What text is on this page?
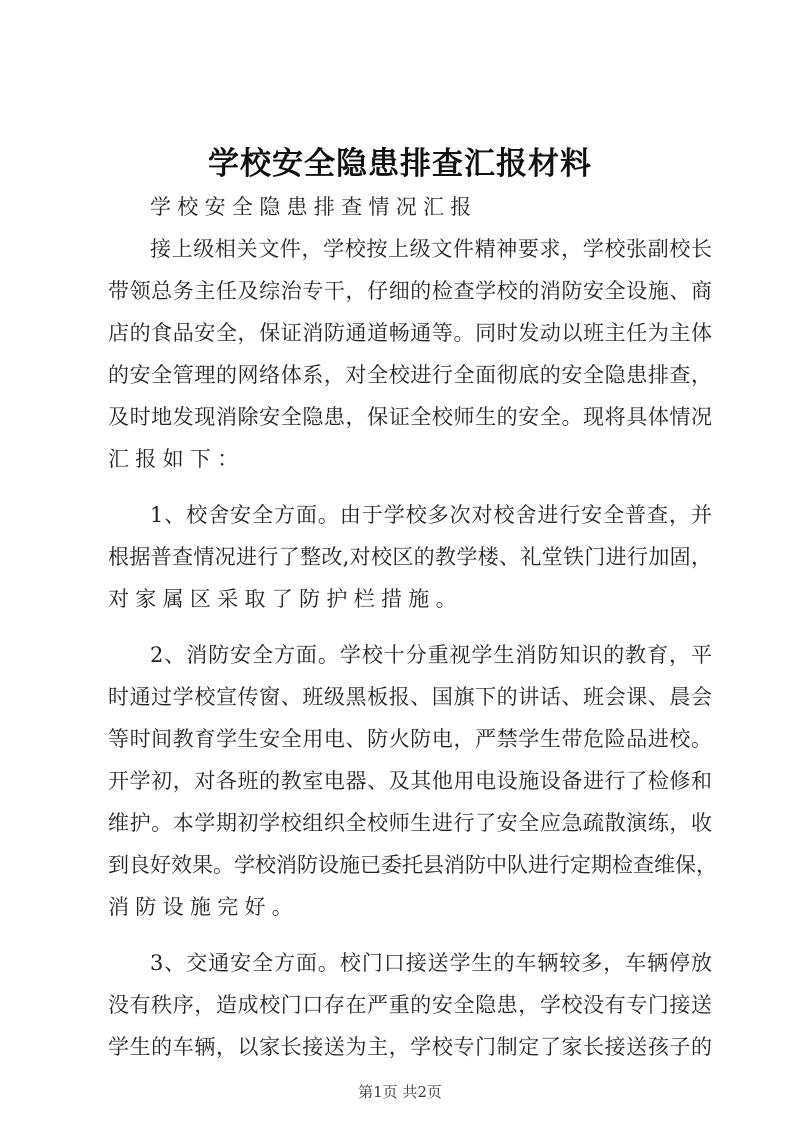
学校安全隐患排查汇报材料
学校安全隐患排查情况汇报
接上级相关文件，学校按上级文件精神要求，学校张副校长
带领总务主任及综治专干，仔细的检查学校的消防安全设施、商
店的食品安全，保证消防通道畅通等。同时发动以班主任为主体
的安全管理的网络体系，对全校进行全面彻底的安全隐患排查，
及时地发现消除安全隐患，保证全校师生的安全。现将具体情况
汇报如下：
1、校舍安全方面。由于学校多次对校舍进行安全普查，并
根据普查情况进行了整改,对校区的教学楼、礼堂铁门进行加固，
对家属区采取了防护栏措施。
2、消防安全方面。学校十分重视学生消防知识的教育，平
时通过学校宣传窗、班级黑板报、国旗下的讲话、班会课、晨会
等时间教育学生安全用电、防火防电，严禁学生带危险品进校。
开学初，对各班的教室电器、及其他用电设施设备进行了检修和
维护。本学期初学校组织全校师生进行了安全应急疏散演练，收
到良好效果。学校消防设施已委托县消防中队进行定期检查维保，
消防设施完好。
3、交通安全方面。校门口接送学生的车辆较多，车辆停放
没有秩序，造成校门口存在严重的安全隐患，学校没有专门接送
学生的车辆，以家长接送为主，学校专门制定了家长接送孩子的
第1页 共2页
